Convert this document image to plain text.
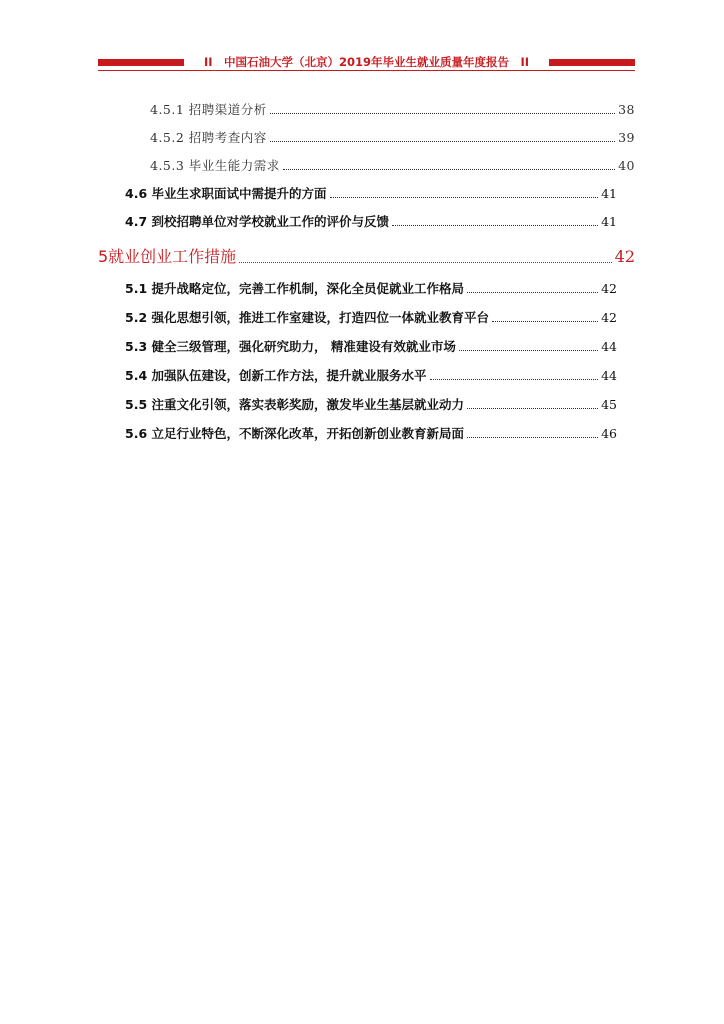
II　中国石油大学（北京）2019年毕业生就业质量年度报告　II
4.5.1 招聘渠道分析	38
4.5.2 招聘考查内容	39
4.5.3 毕业生能力需求	40
4.6 毕业生求职面试中需提升的方面	41
4.7 到校招聘单位对学校就业工作的评价与反馈	41
5就业创业工作措施	42
5.1 提升战略定位，完善工作机制，深化全员促就业工作格局	42
5.2 强化思想引领，推进工作室建设，打造四位一体就业教育平台	42
5.3 健全三级管理，强化研究助力， 精准建设有效就业市场	44
5.4 加强队伍建设，创新工作方法，提升就业服务水平	44
5.5 注重文化引领，落实表彰奖励，激发毕业生基层就业动力	45
5.6 立足行业特色，不断深化改革，开拓创新创业教育新局面	46
